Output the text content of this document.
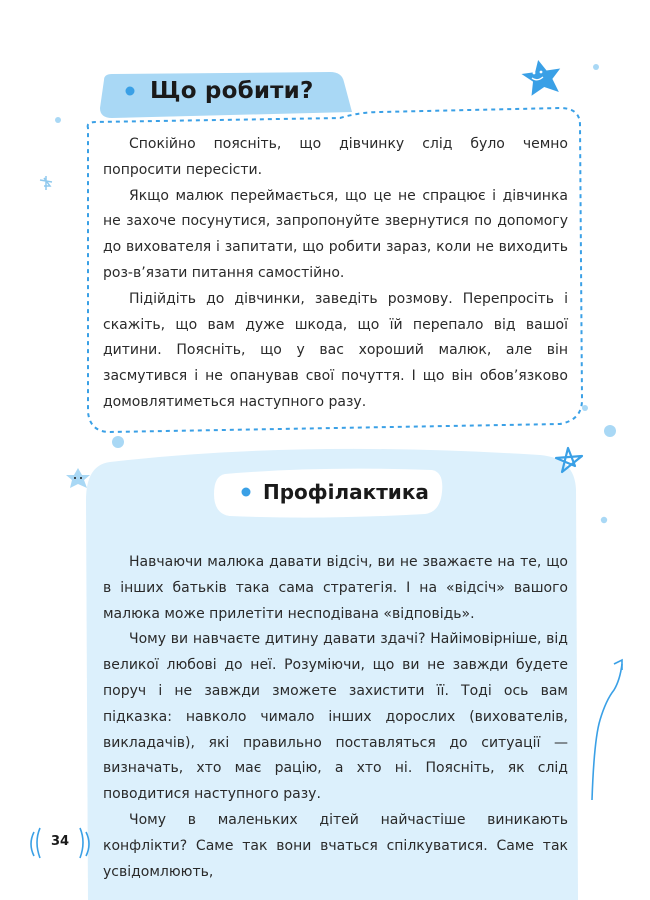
Що робити?

Спокійно поясніть, що дівчинку слід було чемно попросити пересісти.

Якщо малюк переймається, що це не спрацює і дівчинка не захоче посунутися, запропонуйте звернутися по допомогу до вихователя і запитати, що робити зараз, коли не виходить роз-в’язати питання самостійно.

Підійдіть до дівчинки, заведіть розмову. Перепросіть і скажіть, що вам дуже шкода, що їй перепало від вашої дитини. Поясніть, що у вас хороший малюк, але він засмутився і не опанував свої почуття. І що він обов’язково домовлятиметься наступного разу.

Профілактика

Навчаючи малюка давати відсіч, ви не зважаєте на те, що в інших батьків така сама стратегія. І на «відсіч» вашого малюка може прилетіти несподівана «відповідь».

Чому ви навчаєте дитину давати здачі? Найімовірніше, від великої любові до неї. Розуміючи, що ви не завжди будете поруч і не завжди зможете захистити її. Тоді ось вам підказка: навколо чимало інших дорослих (вихователів, викладачів), які правильно поставляться до ситуації — визначать, хто має рацію, а хто ні. Поясніть, як слід поводитися наступного разу.

Чому в маленьких дітей найчастіше виникають конфлікти? Саме так вони вчаться спілкуватися. Саме так усвідомлюють,

34
